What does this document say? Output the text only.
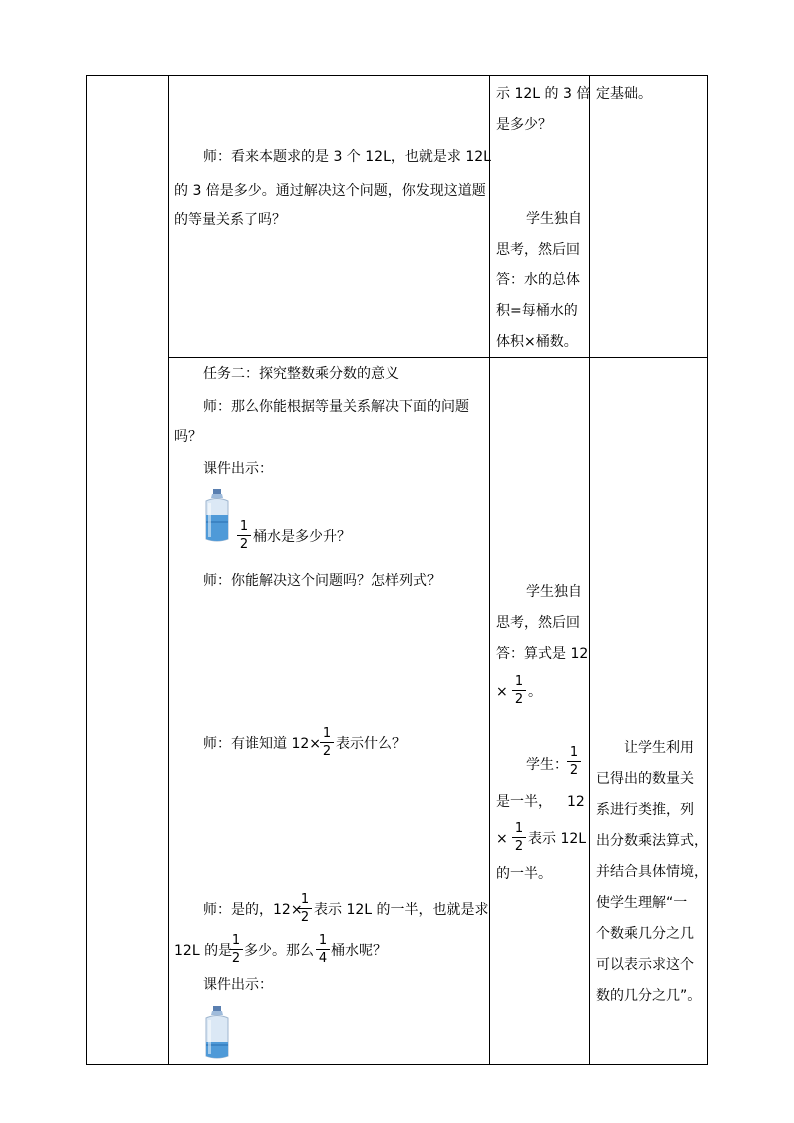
师：看来本题求的是 3 个 12L，也就是求 12L
的 3 倍是多少。通过解决这个问题，你发现这道题
的等量关系了吗？
示 12L 的 3 倍
是多少？
学生独自
思考，然后回
答：水的总体
积=每桶水的
体积×桶数。
定基础。
任务二：探究整数乘分数的意义
师：那么你能根据等量关系解决下面的问题
吗？
课件出示：
1
2 桶水是多少升？
师：你能解决这个问题吗？怎样列式？
师：有谁知道 12×
1
2 表示什么？
师：是的，12×
1
2 表示 12L 的一半，也就是求
12L 的是
1
2 多少。那么
1
4 桶水呢？
课件出示：
学生独自
思考，然后回
答：算式是 12
×
1
2 。
学生：
1
2
是一半， 12
×
1
2 表示 12L
的一半。
让学生利用
已得出的数量关
系进行类推，列
出分数乘法算式，
并结合具体情境，
使学生理解“一
个数乘几分之几
可以表示求这个
数的几分之几”。
